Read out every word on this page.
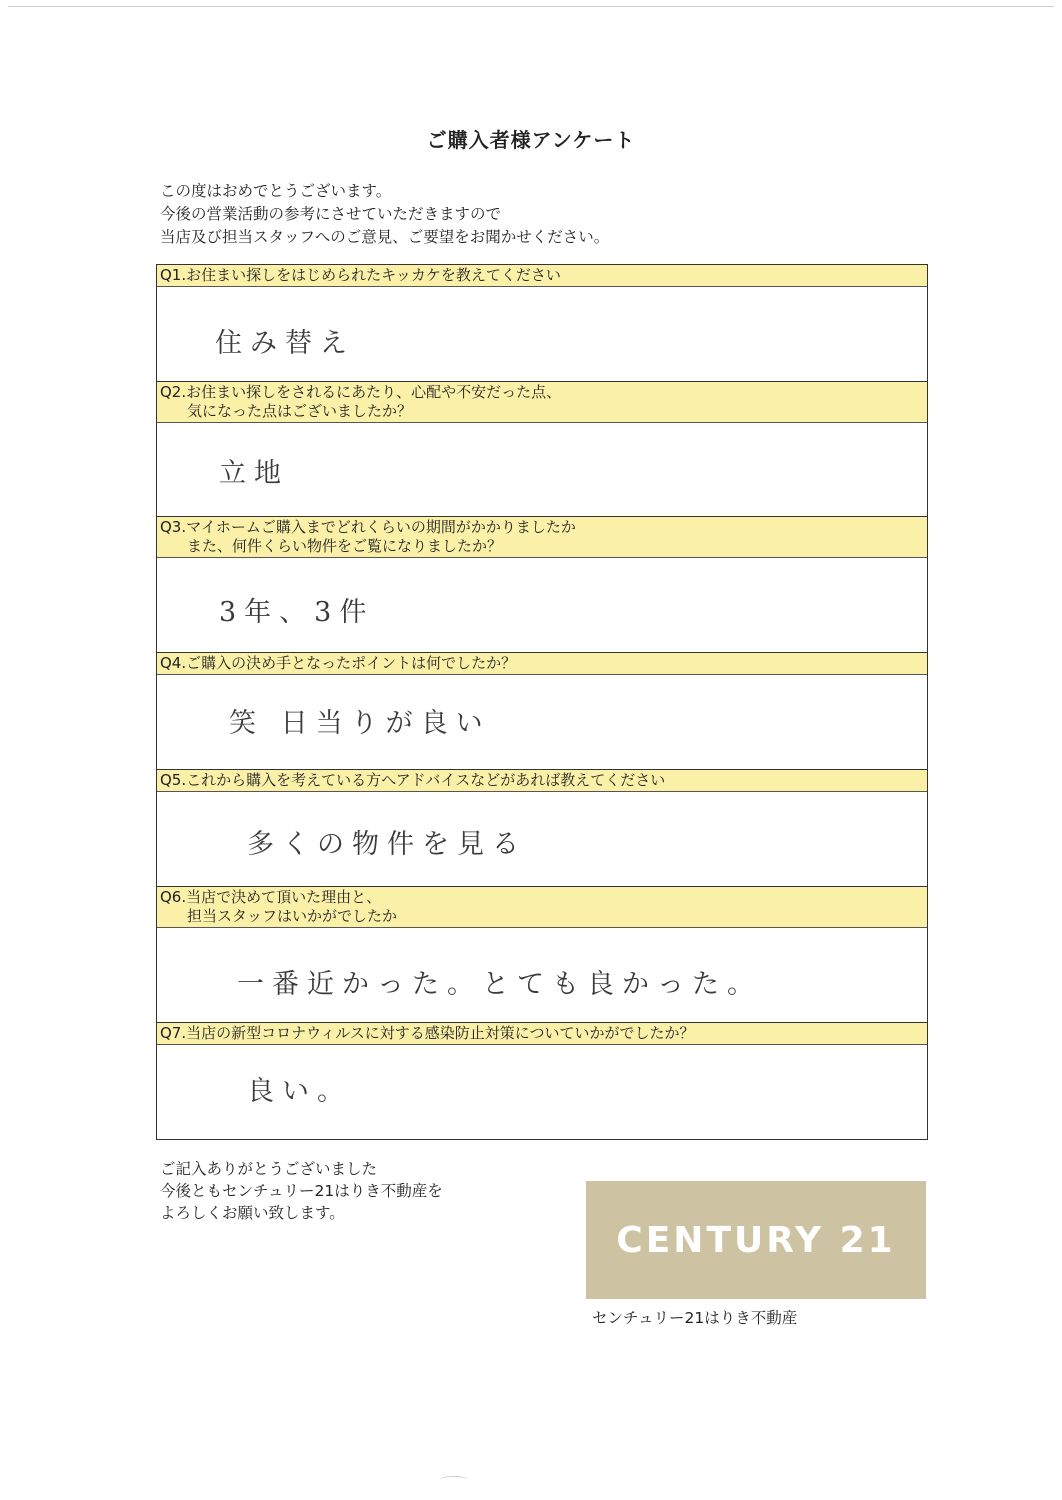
ご購入者様アンケート
この度はおめでとうございます。
今後の営業活動の参考にさせていただきますので
当店及び担当スタッフへのご意見、ご要望をお聞かせください。
Q1.お住まい探しをはじめられたキッカケを教えてください
住み替え
Q2.お住まい探しをされるにあたり、心配や不安だった点、
気になった点はございましたか？
立地
Q3.マイホームご購入までどれくらいの期間がかかりましたか
また、何件くらい物件をご覧になりましたか？
3年、3件
Q4.ご購入の決め手となったポイントは何でしたか？
笑 日当りが良い
Q5.これから購入を考えている方へアドバイスなどがあれば教えてください
多くの物件を見る
Q6.当店で決めて頂いた理由と、
担当スタッフはいかがでしたか
一番近かった。とても良かった。
Q7.当店の新型コロナウィルスに対する感染防止対策についていかがでしたか？
良い。
ご記入ありがとうございました
今後ともセンチュリー21はりき不動産を
よろしくお願い致します。
CENTURY 21
センチュリー21はりき不動産
